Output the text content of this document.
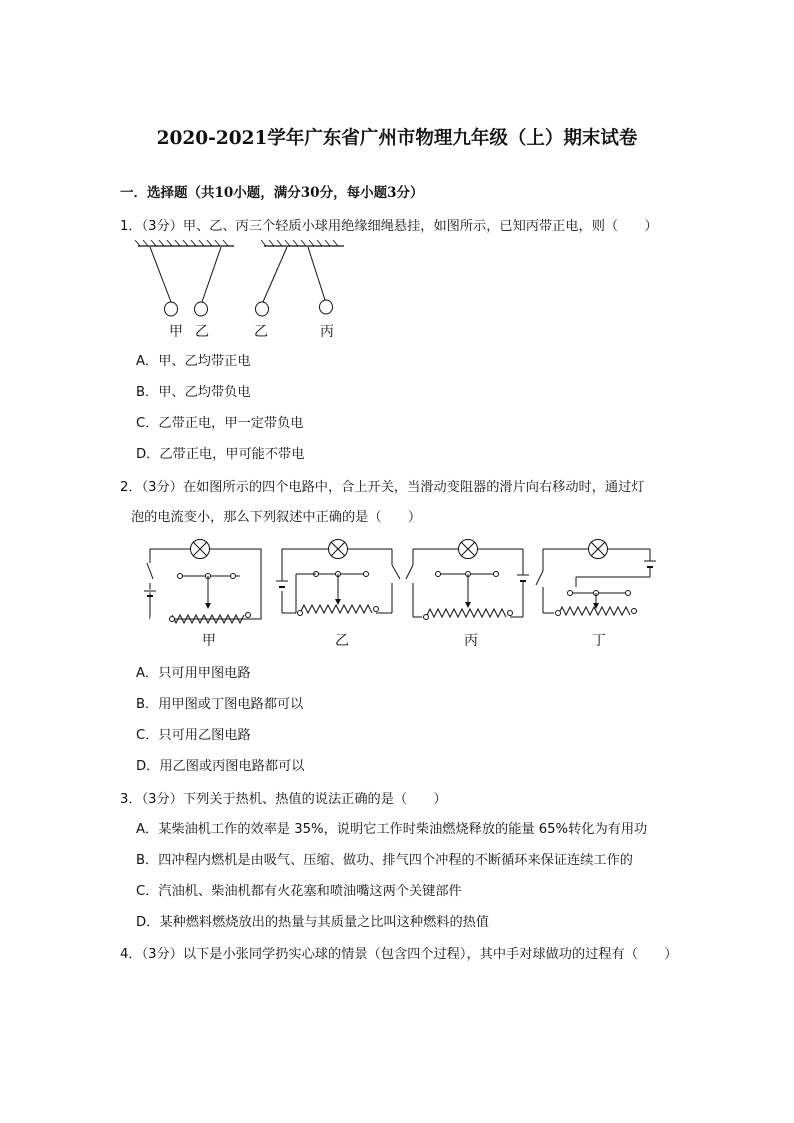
2020-2021学年广东省广州市物理九年级（上）期末试卷
一．选择题（共10小题，满分30分，每小题3分）
1．（3分）甲、乙、丙三个轻质小球用绝缘细绳悬挂，如图所示，已知丙带正电，则（　　）
甲 乙	乙	丙
A．甲、乙均带正电
B．甲、乙均带负电
C．乙带正电，甲一定带负电
D．乙带正电，甲可能不带电
2．（3分）在如图所示的四个电路中，合上开关，当滑动变阻器的滑片向右移动时，通过灯
泡的电流变小，那么下列叙述中正确的是（　　）
甲	乙	丙	丁
A．只可用甲图电路
B．用甲图或丁图电路都可以
C．只可用乙图电路
D．用乙图或丙图电路都可以
3．（3分）下列关于热机、热值的说法正确的是（　　）
A．某柴油机工作的效率是 35%，说明它工作时柴油燃烧释放的能量 65%转化为有用功
B．四冲程内燃机是由吸气、压缩、做功、排气四个冲程的不断循环来保证连续工作的
C．汽油机、柴油机都有火花塞和喷油嘴这两个关键部件
D．某种燃料燃烧放出的热量与其质量之比叫这种燃料的热值
4．（3分）以下是小张同学扔实心球的情景（包含四个过程），其中手对球做功的过程有（　　）
